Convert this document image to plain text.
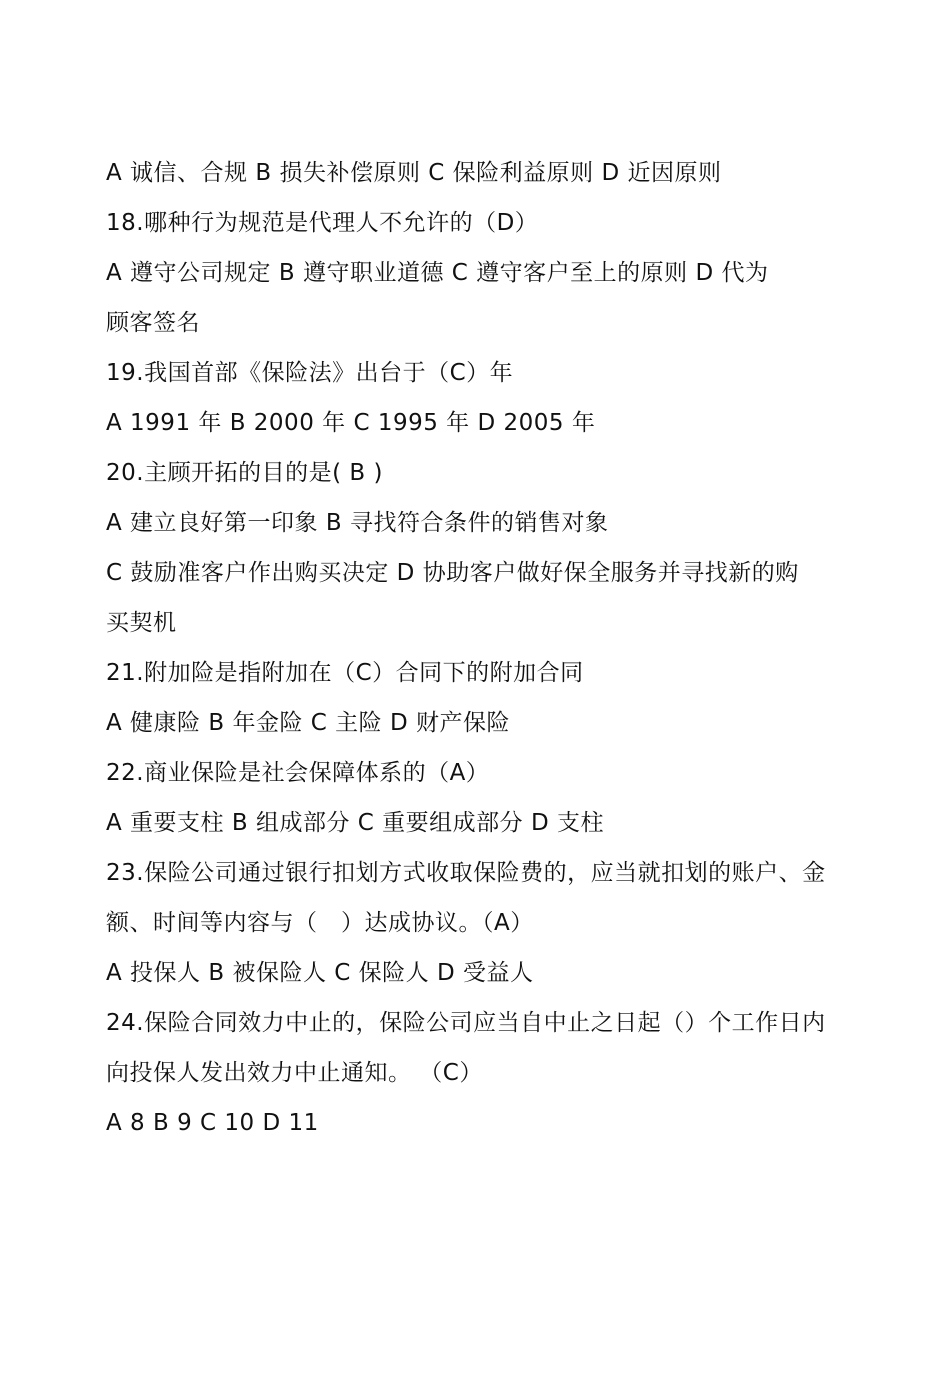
A 诚信、合规 B 损失补偿原则 C 保险利益原则 D 近因原则
18.哪种行为规范是代理人不允许的（D）
A 遵守公司规定 B 遵守职业道德 C 遵守客户至上的原则 D 代为
顾客签名
19.我国首部《保险法》出台于（C）年
A 1991 年 B 2000 年 C 1995 年 D 2005 年
20.主顾开拓的目的是( B )
A 建立良好第一印象 B 寻找符合条件的销售对象
C 鼓励准客户作出购买决定 D 协助客户做好保全服务并寻找新的购
买契机
21.附加险是指附加在（C）合同下的附加合同
A 健康险 B 年金险 C 主险 D 财产保险
22.商业保险是社会保障体系的（A）
A 重要支柱 B 组成部分 C 重要组成部分 D 支柱
23.保险公司通过银行扣划方式收取保险费的，应当就扣划的账户、金
额、时间等内容与（　）达成协议。（A）
A 投保人 B 被保险人 C 保险人 D 受益人
24.保险合同效力中止的，保险公司应当自中止之日起（）个工作日内
向投保人发出效力中止通知。 （C）
A 8 B 9 C 10 D 11
